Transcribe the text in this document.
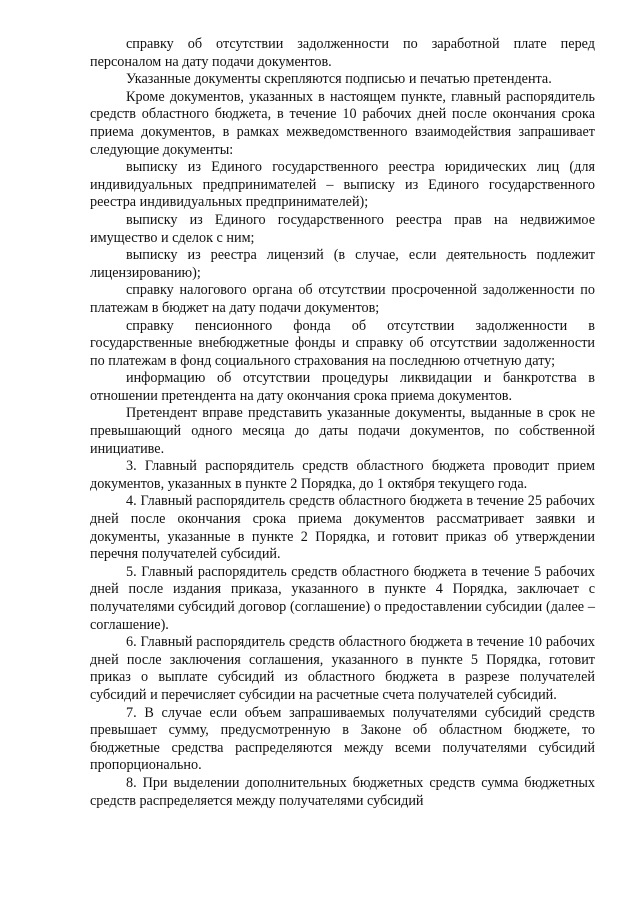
справку об отсутствии задолженности по заработной плате перед персоналом на дату подачи документов.

Указанные документы скрепляются подписью и печатью претендента.

Кроме документов, указанных в настоящем пункте, главный распорядитель средств областного бюджета, в течение 10 рабочих дней после окончания срока приема документов, в рамках межведомственного взаимодействия запрашивает следующие документы:

выписку из Единого государственного реестра юридических лиц (для индивидуальных предпринимателей – выписку из Единого государственного реестра индивидуальных предпринимателей);

выписку из Единого государственного реестра прав на недвижимое имущество и сделок с ним;

выписку из реестра лицензий (в случае, если деятельность подлежит лицензированию);

справку налогового органа об отсутствии просроченной задолженности по платежам в бюджет на дату подачи документов;

справку пенсионного фонда об отсутствии задолженности в государственные внебюджетные фонды и справку об отсутствии задолженности по платежам в фонд социального страхования на последнюю отчетную дату;

информацию об отсутствии процедуры ликвидации и банкротства в отношении претендента на дату окончания срока приема документов.

Претендент вправе представить указанные документы, выданные в срок не превышающий одного месяца до даты подачи документов, по собственной инициативе.

3. Главный распорядитель средств областного бюджета проводит прием документов, указанных в пункте 2 Порядка, до 1 октября текущего года.

4. Главный распорядитель средств областного бюджета в течение 25 рабочих дней после окончания срока приема документов рассматривает заявки и документы, указанные в пункте 2 Порядка, и готовит приказ об утверждении перечня получателей субсидий.

5. Главный распорядитель средств областного бюджета в течение 5 рабочих дней после издания приказа, указанного в пункте 4 Порядка, заключает с получателями субсидий договор (соглашение) о предоставлении субсидии (далее – соглашение).

6. Главный распорядитель средств областного бюджета в течение 10 рабочих дней после заключения соглашения, указанного в пункте 5 Порядка, готовит приказ о выплате субсидий из областного бюджета в разрезе получателей субсидий и перечисляет субсидии на расчетные счета получателей субсидий.

7. В случае если объем запрашиваемых получателями субсидий средств превышает сумму, предусмотренную в Законе об областном бюджете, то бюджетные средства распределяются между всеми получателями субсидий пропорционально.

8. При выделении дополнительных бюджетных средств сумма бюджетных средств распределяется между получателями субсидий
